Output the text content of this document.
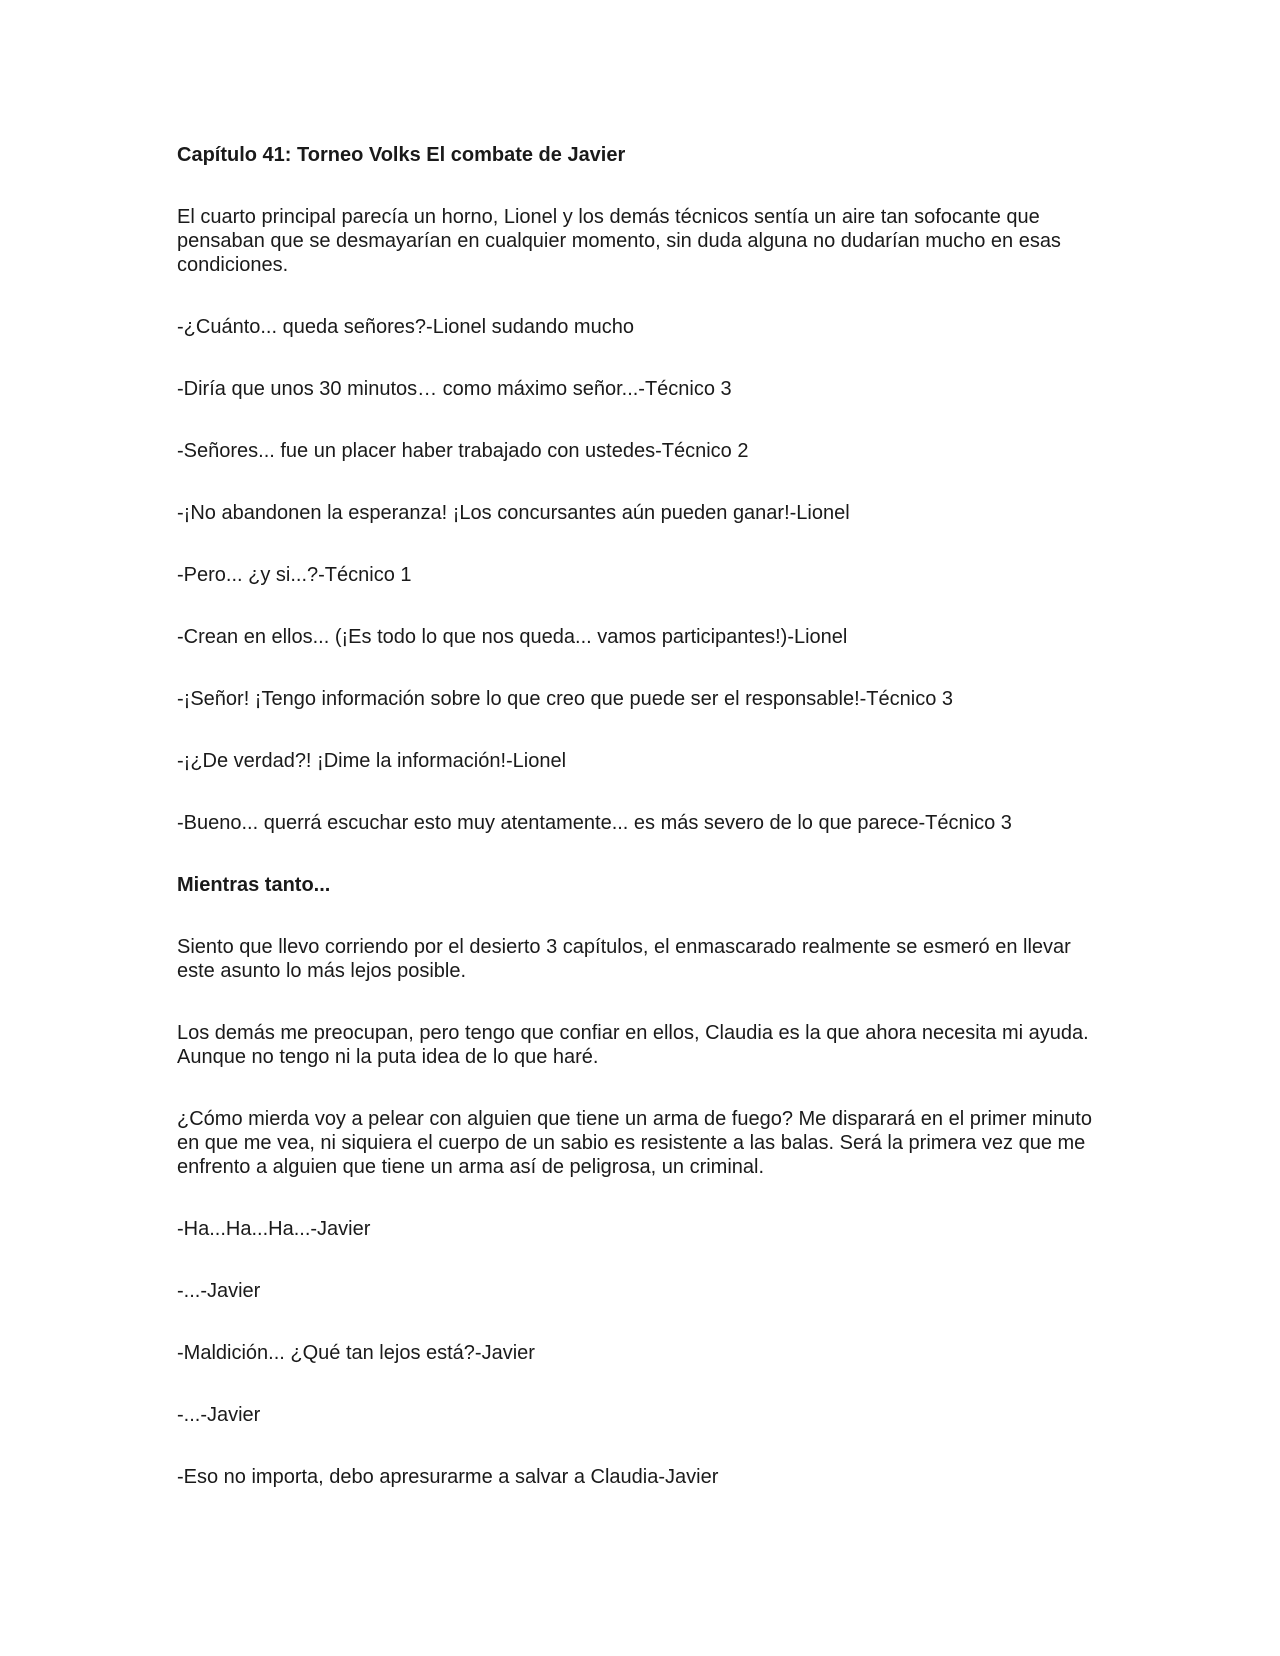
Capítulo 41: Torneo Volks El combate de Javier

El cuarto principal parecía un horno, Lionel y los demás técnicos sentía un aire tan sofocante que pensaban que se desmayarían en cualquier momento, sin duda alguna no dudarían mucho en esas condiciones.

-¿Cuánto... queda señores?-Lionel sudando mucho

-Diría que unos 30 minutos… como máximo señor...-Técnico 3

-Señores... fue un placer haber trabajado con ustedes-Técnico 2

-¡No abandonen la esperanza! ¡Los concursantes aún pueden ganar!-Lionel

-Pero... ¿y si...?-Técnico 1

-Crean en ellos... (¡Es todo lo que nos queda... vamos participantes!)-Lionel

-¡Señor! ¡Tengo información sobre lo que creo que puede ser el responsable!-Técnico 3

-¡¿De verdad?! ¡Dime la información!-Lionel

-Bueno... querrá escuchar esto muy atentamente... es más severo de lo que parece-Técnico 3

Mientras tanto...

Siento que llevo corriendo por el desierto 3 capítulos, el enmascarado realmente se esmeró en llevar este asunto lo más lejos posible.

Los demás me preocupan, pero tengo que confiar en ellos, Claudia es la que ahora necesita mi ayuda. Aunque no tengo ni la puta idea de lo que haré.

¿Cómo mierda voy a pelear con alguien que tiene un arma de fuego? Me disparará en el primer minuto en que me vea, ni siquiera el cuerpo de un sabio es resistente a las balas. Será la primera vez que me enfrento a alguien que tiene un arma así de peligrosa, un criminal.

-Ha...Ha...Ha...-Javier

-...-Javier

-Maldición... ¿Qué tan lejos está?-Javier

-...-Javier

-Eso no importa, debo apresurarme a salvar a Claudia-Javier
